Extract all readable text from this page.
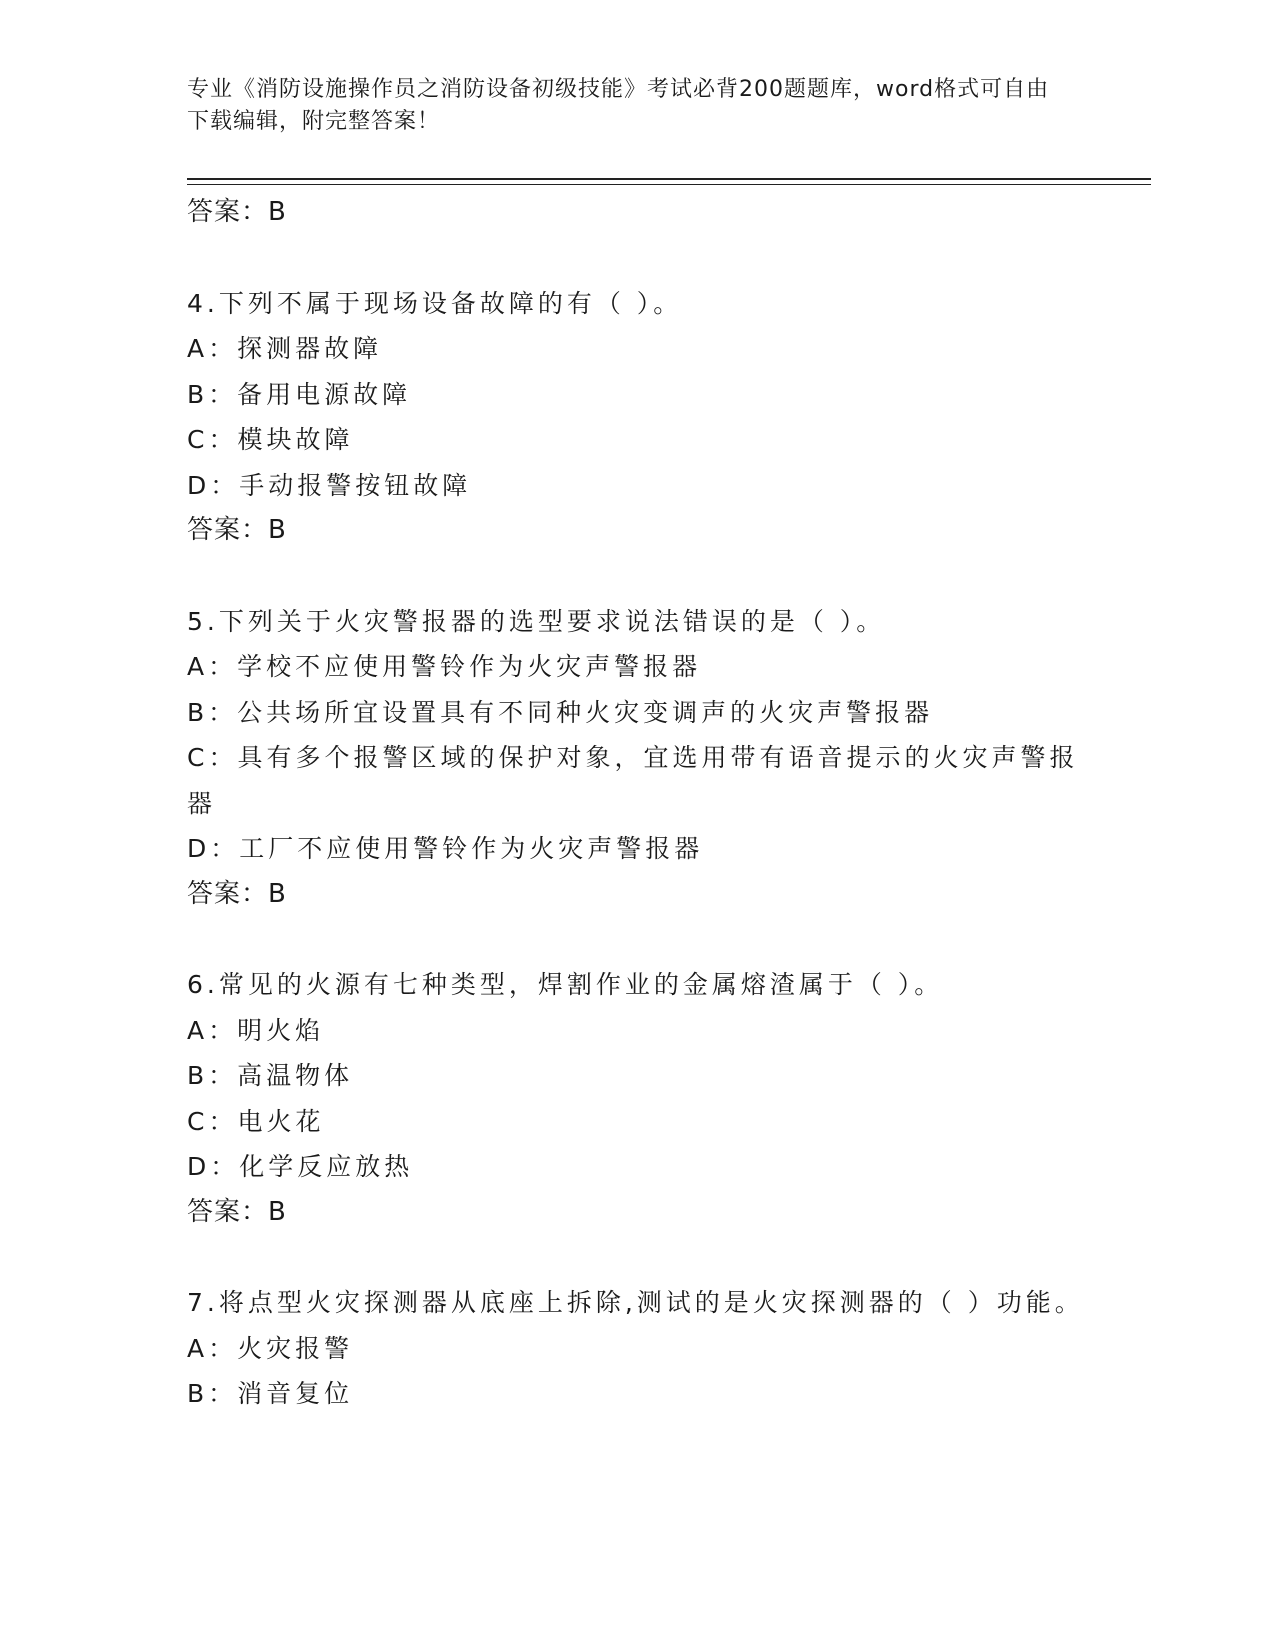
专业《消防设施操作员之消防设备初级技能》考试必背200题题库，word格式可自由下载编辑，附完整答案！
答案：B
4.下列不属于现场设备故障的有（ ）。
A：探测器故障
B：备用电源故障
C：模块故障
D：手动报警按钮故障
答案：B
5.下列关于火灾警报器的选型要求说法错误的是（ ）。
A：学校不应使用警铃作为火灾声警报器
B：公共场所宜设置具有不同种火灾变调声的火灾声警报器
C：具有多个报警区域的保护对象，宜选用带有语音提示的火灾声警报器
D：工厂不应使用警铃作为火灾声警报器
答案：B
6.常见的火源有七种类型，焊割作业的金属熔渣属于（ ）。
A：明火焰
B：高温物体
C：电火花
D：化学反应放热
答案：B
7.将点型火灾探测器从底座上拆除,测试的是火灾探测器的（ ）功能。
A：火灾报警
B：消音复位
